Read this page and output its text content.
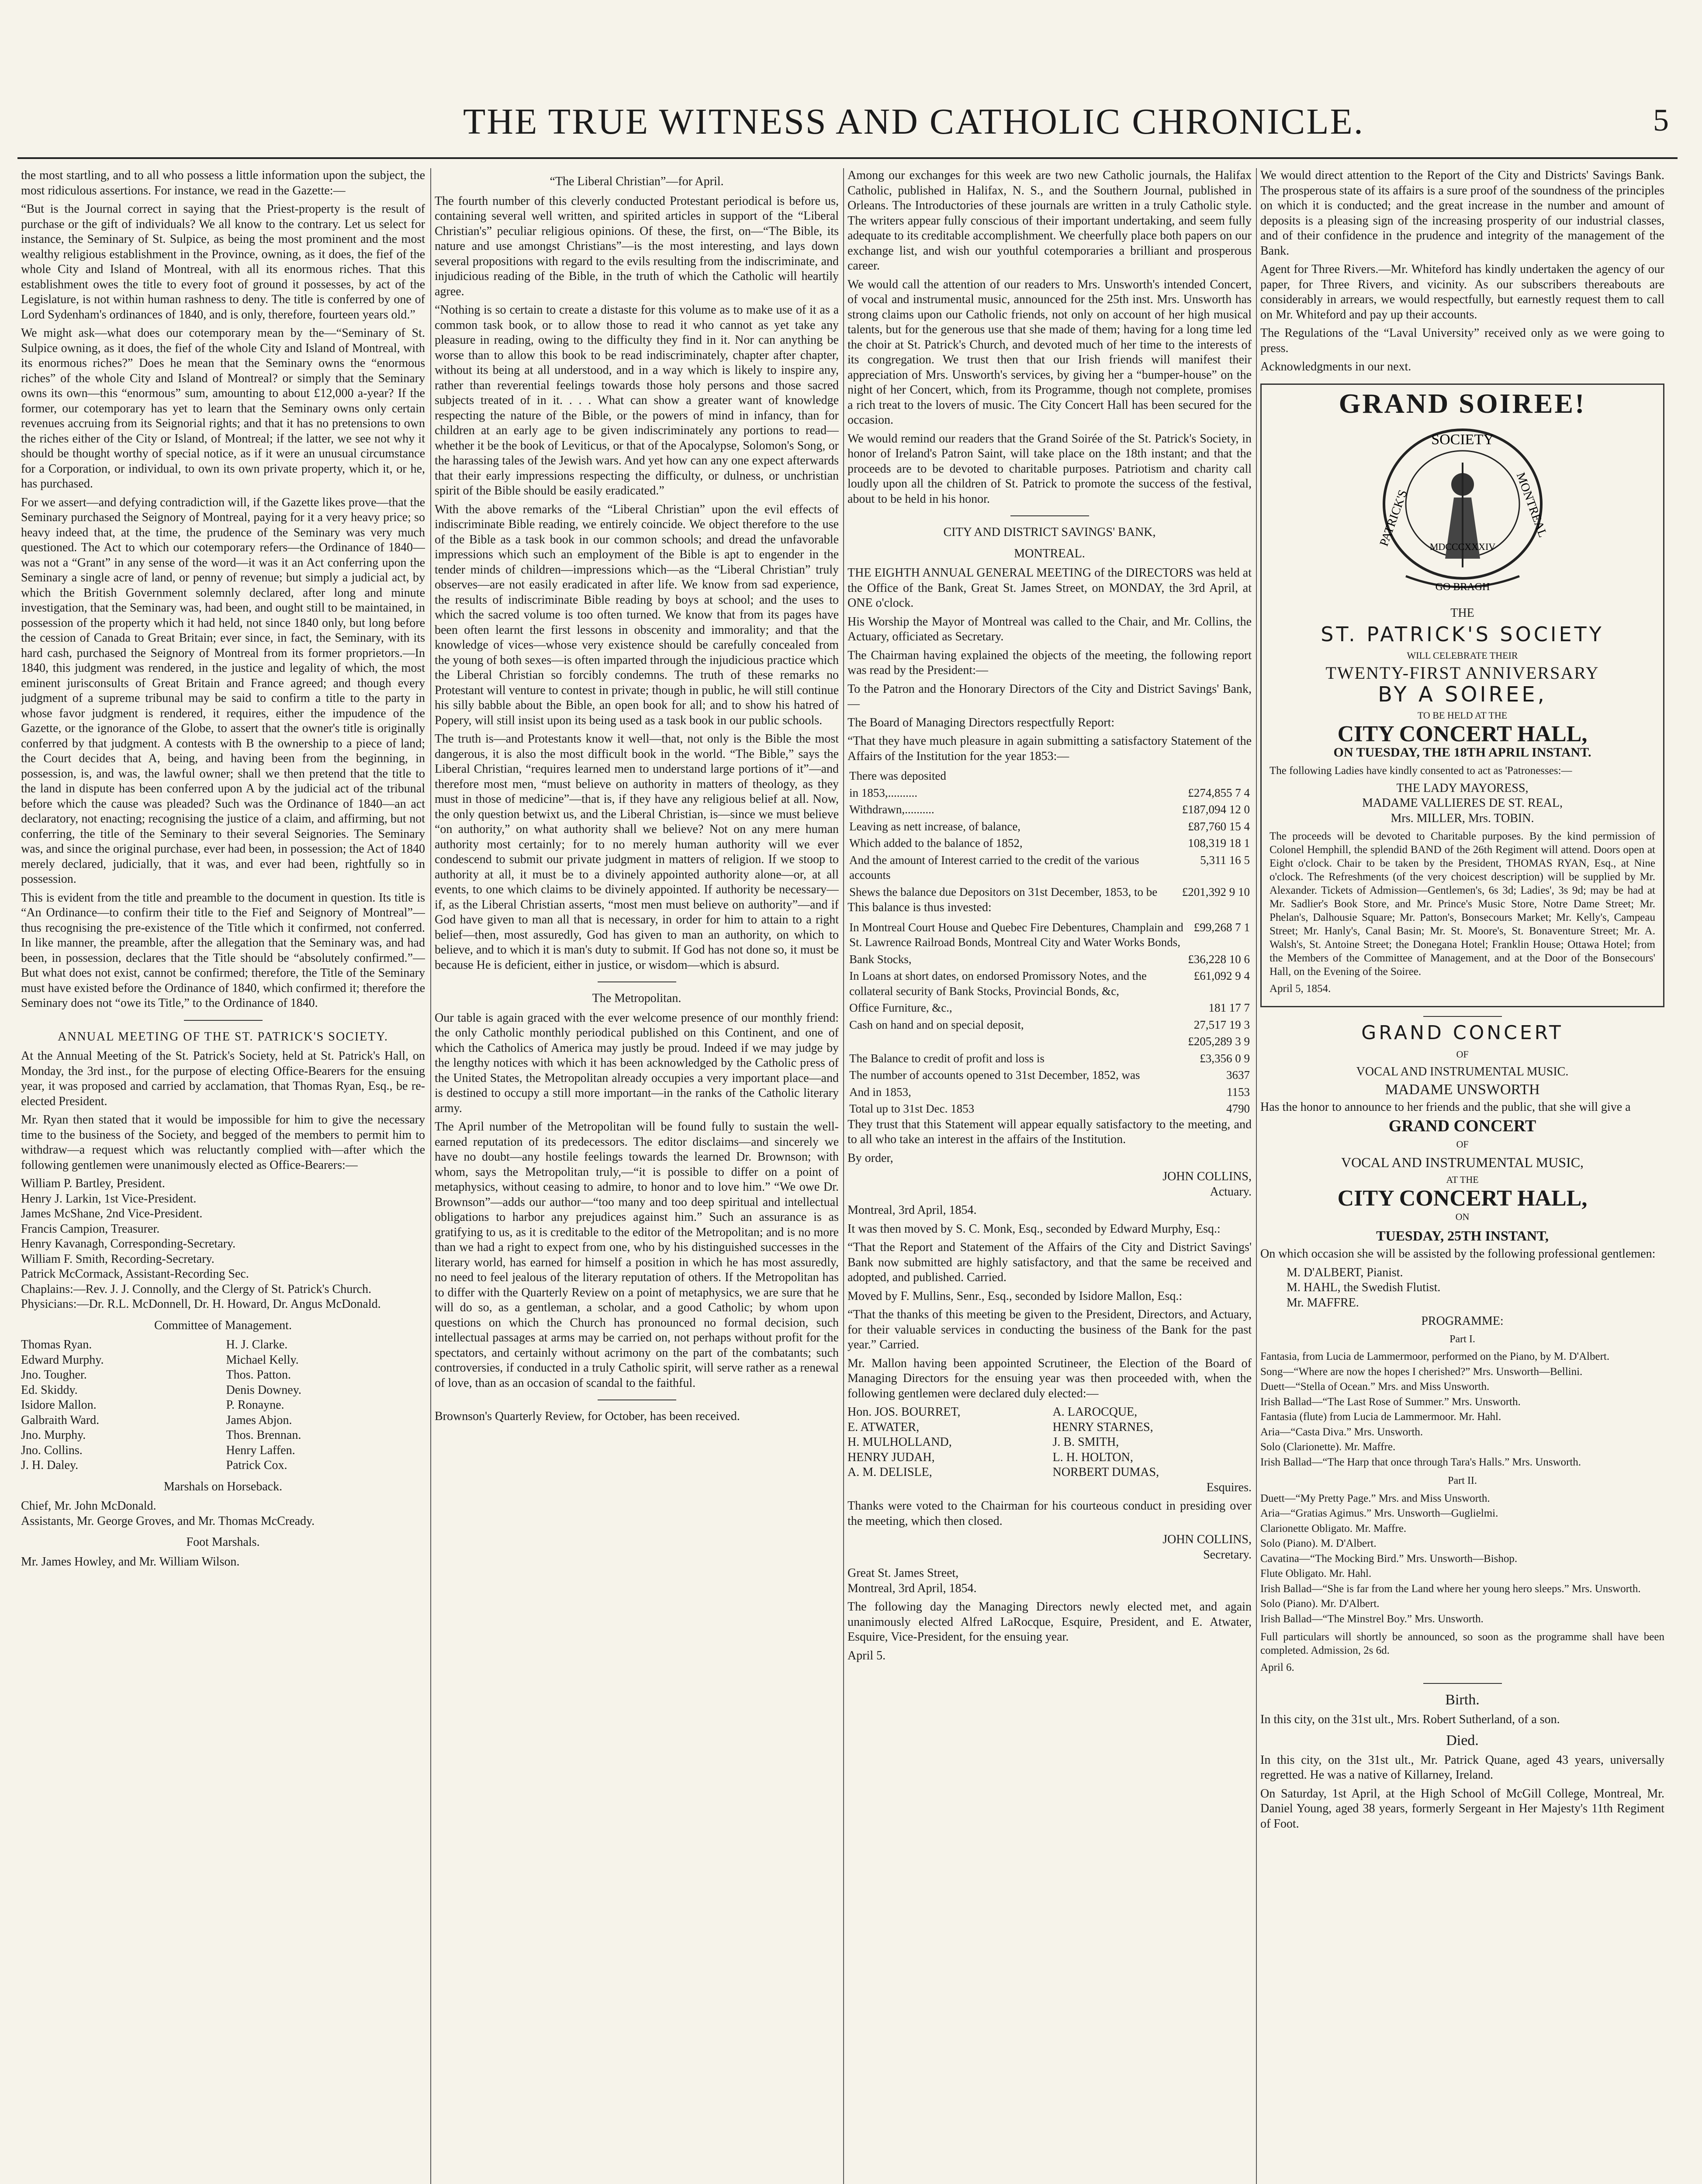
THE TRUE WITNESS AND CATHOLIC CHRONICLE.	5

the most startling, and to all who possess a little information upon the subject, the most ridiculous assertions. For instance, we read in the Gazette:—

“But is the Journal correct in saying that the Priest-property is the result of purchase or the gift of individuals? We all know to the contrary. Let us select for instance, the Seminary of St. Sulpice, as being the most prominent and the most wealthy religious establishment in the Province, owning, as it does, the fief of the whole City and Island of Montreal, with all its enormous riches. That this establishment owes the title to every foot of ground it possesses, by act of the Legislature, is not within human rashness to deny. The title is conferred by one of Lord Sydenham's ordinances of 1840, and is only, therefore, fourteen years old.”

We might ask—what does our cotemporary mean by the—“Seminary of St. Sulpice owning, as it does, the fief of the whole City and Island of Montreal, with its enormous riches?” Does he mean that the Seminary owns the “enormous riches” of the whole City and Island of Montreal? or simply that the Seminary owns its own—this “enormous” sum, amounting to about £12,000 a-year? If the former, our cotemporary has yet to learn that the Seminary owns only certain revenues accruing from its Seignorial rights; and that it has no pretensions to own the riches either of the City or Island, of Montreal; if the latter, we see not why it should be thought worthy of special notice, as if it were an unusual circumstance for a Corporation, or individual, to own its own private property, which it, or he, has purchased.

For we assert—and defying contradiction will, if the Gazette likes prove—that the Seminary purchased the Seignory of Montreal, paying for it a very heavy price; so heavy indeed that, at the time, the prudence of the Seminary was very much questioned. The Act to which our cotemporary refers—the Ordinance of 1840—was not a “Grant” in any sense of the word—it was it an Act conferring upon the Seminary a single acre of land, or penny of revenue; but simply a judicial act, by which the British Government solemnly declared, after long and minute investigation, that the Seminary was, had been, and ought still to be maintained, in possession of the property which it had held, not since 1840 only, but long before the cession of Canada to Great Britain; ever since, in fact, the Seminary, with its hard cash, purchased the Seignory of Montreal from its former proprietors.—In 1840, this judgment was rendered, in the justice and legality of which, the most eminent jurisconsults of Great Britain and France agreed; and though every judgment of a supreme tribunal may be said to confirm a title to the party in whose favor judgment is rendered, it requires, either the impudence of the Gazette, or the ignorance of the Globe, to assert that the owner's title is originally conferred by that judgment. A contests with B the ownership to a piece of land; the Court decides that A, being, and having been from the beginning, in possession, is, and was, the lawful owner; shall we then pretend that the title to the land in dispute has been conferred upon A by the judicial act of the tribunal before which the cause was pleaded? Such was the Ordinance of 1840—an act declaratory, not enacting; recognising the justice of a claim, and affirming, but not conferring, the title of the Seminary to their several Seignories. The Seminary was, and since the original purchase, ever had been, in possession; the Act of 1840 merely declared, judicially, that it was, and ever had been, rightfully so in possession.

This is evident from the title and preamble to the document in question. Its title is “An Ordinance—to confirm their title to the Fief and Seignory of Montreal”—thus recognising the pre-existence of the Title which it confirmed, not conferred. In like manner, the preamble, after the allegation that the Seminary was, and had been, in possession, declares that the Title should be “absolutely confirmed.”—But what does not exist, cannot be confirmed; therefore, the Title of the Seminary must have existed before the Ordinance of 1840, which confirmed it; therefore the Seminary does not “owe its Title,” to the Ordinance of 1840.

ANNUAL MEETING OF THE ST. PATRICK'S SOCIETY.

At the Annual Meeting of the St. Patrick's Society, held at St. Patrick's Hall, on Monday, the 3rd inst., for the purpose of electing Office-Bearers for the ensuing year, it was proposed and carried by acclamation, that Thomas Ryan, Esq., be re-elected President.

Mr. Ryan then stated that it would be impossible for him to give the necessary time to the business of the Society, and begged of the members to permit him to withdraw—a request which was reluctantly complied with—after which the following gentlemen were unanimously elected as Office-Bearers:—

William P. Bartley, President.
Henry J. Larkin, 1st Vice-President.
James McShane, 2nd Vice-President.
Francis Campion, Treasurer.
Henry Kavanagh, Corresponding-Secretary.
William F. Smith, Recording-Secretary.
Patrick McCormack, Assistant-Recording Sec.
Chaplains:—Rev. J. J. Connolly, and the Clergy of St. Patrick's Church.
Physicians:—Dr. R.L. McDonnell, Dr. H. Howard, Dr. Angus McDonald.
Committee of Management.
Thomas Ryan.	H. J. Clarke.
Edward Murphy.	Michael Kelly.
Jno. Tougher.	Thos. Patton.
Ed. Skiddy.	Denis Downey.
Isidore Mallon.	P. Ronayne.
Galbraith Ward.	James Abjon.
Jno. Murphy.	Thos. Brennan.
Jno. Collins.	Henry Laffen.
J. H. Daley.	Patrick Cox.
Marshals on Horseback.
Chief, Mr. John McDonald.
Assistants, Mr. George Groves, and Mr. Thomas McCready.
Foot Marshals.

Mr. James Howley, and Mr. William Wilson.

“The Liberal Christian”—for April.

The fourth number of this cleverly conducted Protestant periodical is before us, containing several well written, and spirited articles in support of the “Liberal Christian's” peculiar religious opinions. Of these, the first, on—“The Bible, its nature and use amongst Christians”—is the most interesting, and lays down several propositions with regard to the evils resulting from the indiscriminate, and injudicious reading of the Bible, in the truth of which the Catholic will heartily agree.

“Nothing is so certain to create a distaste for this volume as to make use of it as a common task book, or to allow those to read it who cannot as yet take any pleasure in reading, owing to the difficulty they find in it. Nor can anything be worse than to allow this book to be read indiscriminately, chapter after chapter, without its being at all understood, and in a way which is likely to inspire any, rather than reverential feelings towards those holy persons and those sacred subjects treated of in it. . . . What can show a greater want of knowledge respecting the nature of the Bible, or the powers of mind in infancy, than for children at an early age to be given indiscriminately any portions to read—whether it be the book of Leviticus, or that of the Apocalypse, Solomon's Song, or the harassing tales of the Jewish wars. And yet how can any one expect afterwards that their early impressions respecting the difficulty, or dulness, or unchristian spirit of the Bible should be easily eradicated.”

With the above remarks of the “Liberal Christian” upon the evil effects of indiscriminate Bible reading, we entirely coincide. We object therefore to the use of the Bible as a task book in our common schools; and dread the unfavorable impressions which such an employment of the Bible is apt to engender in the tender minds of children—impressions which—as the “Liberal Christian” truly observes—are not easily eradicated in after life. We know from sad experience, the results of indiscriminate Bible reading by boys at school; and the uses to which the sacred volume is too often turned. We know that from its pages have been often learnt the first lessons in obscenity and immorality; and that the knowledge of vices—whose very existence should be carefully concealed from the young of both sexes—is often imparted through the injudicious practice which the Liberal Christian so forcibly condemns. The truth of these remarks no Protestant will venture to contest in private; though in public, he will still continue his silly babble about the Bible, an open book for all; and to show his hatred of Popery, will still insist upon its being used as a task book in our public schools.

The truth is—and Protestants know it well—that, not only is the Bible the most dangerous, it is also the most difficult book in the world. “The Bible,” says the Liberal Christian, “requires learned men to understand large portions of it”—and therefore most men, “must believe on authority in matters of theology, as they must in those of medicine”—that is, if they have any religious belief at all. Now, the only question betwixt us, and the Liberal Christian, is—since we must believe “on authority,” on what authority shall we believe? Not on any mere human authority most certainly; for to no merely human authority will we ever condescend to submit our private judgment in matters of religion. If we stoop to authority at all, it must be to a divinely appointed authority alone—or, at all events, to one which claims to be divinely appointed. If authority be necessary—if, as the Liberal Christian asserts, “most men must believe on authority”—and if God have given to man all that is necessary, in order for him to attain to a right belief—then, most assuredly, God has given to man an authority, on which to believe, and to which it is man's duty to submit. If God has not done so, it must be because He is deficient, either in justice, or wisdom—which is absurd.

The Metropolitan.

Our table is again graced with the ever welcome presence of our monthly friend: the only Catholic monthly periodical published on this Continent, and one of which the Catholics of America may justly be proud. Indeed if we may judge by the lengthy notices with which it has been acknowledged by the Catholic press of the United States, the Metropolitan already occupies a very important place—and is destined to occupy a still more important—in the ranks of the Catholic literary army.

The April number of the Metropolitan will be found fully to sustain the well-earned reputation of its predecessors. The editor disclaims—and sincerely we have no doubt—any hostile feelings towards the learned Dr. Brownson; with whom, says the Metropolitan truly,—“it is possible to differ on a point of metaphysics, without ceasing to admire, to honor and to love him.” “We owe Dr. Brownson”—adds our author—“too many and too deep spiritual and intellectual obligations to harbor any prejudices against him.” Such an assurance is as gratifying to us, as it is creditable to the editor of the Metropolitan; and is no more than we had a right to expect from one, who by his distinguished successes in the literary world, has earned for himself a position in which he has most assuredly, no need to feel jealous of the literary reputation of others. If the Metropolitan has to differ with the Quarterly Review on a point of metaphysics, we are sure that he will do so, as a gentleman, a scholar, and a good Catholic; by whom upon questions on which the Church has pronounced no formal decision, such intellectual passages at arms may be carried on, not perhaps without profit for the spectators, and certainly without acrimony on the part of the combatants; such controversies, if conducted in a truly Catholic spirit, will serve rather as a renewal of love, than as an occasion of scandal to the faithful.

Brownson's Quarterly Review, for October, has been received.

Among our exchanges for this week are two new Catholic journals, the Halifax Catholic, published in Halifax, N. S., and the Southern Journal, published in Orleans. The Introductories of these journals are written in a truly Catholic style. The writers appear fully conscious of their important undertaking, and seem fully adequate to its creditable accomplishment. We cheerfully place both papers on our exchange list, and wish our youthful cotemporaries a brilliant and prosperous career.

We would call the attention of our readers to Mrs. Unsworth's intended Concert, of vocal and instrumental music, announced for the 25th inst. Mrs. Unsworth has strong claims upon our Catholic friends, not only on account of her high musical talents, but for the generous use that she made of them; having for a long time led the choir at St. Patrick's Church, and devoted much of her time to the interests of its congregation. We trust then that our Irish friends will manifest their appreciation of Mrs. Unsworth's services, by giving her a “bumper-house” on the night of her Concert, which, from its Programme, though not complete, promises a rich treat to the lovers of music. The City Concert Hall has been secured for the occasion.

We would remind our readers that the Grand Soirée of the St. Patrick's Society, in honor of Ireland's Patron Saint, will take place on the 18th instant; and that the proceeds are to be devoted to charitable purposes. Patriotism and charity call loudly upon all the children of St. Patrick to promote the success of the festival, about to be held in his honor.

CITY AND DISTRICT SAVINGS' BANK,
MONTREAL.

THE EIGHTH ANNUAL GENERAL MEETING of the DIRECTORS was held at the Office of the Bank, Great St. James Street, on MONDAY, the 3rd April, at ONE o'clock.

His Worship the Mayor of Montreal was called to the Chair, and Mr. Collins, the Actuary, officiated as Secretary.

The Chairman having explained the objects of the meeting, the following report was read by the President:—

To the Patron and the Honorary Directors of the City and District Savings' Bank,—

The Board of Managing Directors respectfully Report:

“That they have much pleasure in again submitting a satisfactory Statement of the Affairs of the Institution for the year 1853:—

There was deposited	
in 1853,..........	£274,855 7 4
Withdrawn,..........	£187,094 12 0
Leaving as nett increase, of balance,	£87,760 15 4
Which added to the balance of 1852,	108,319 18 1
And the amount of Interest carried to the credit of the various accounts	5,311 16 5
Shews the balance due Depositors on 31st December, 1853, to be	£201,392 9 10

This balance is thus invested:

In Montreal Court House and Quebec Fire Debentures, Champlain and St. Lawrence Railroad Bonds, Montreal City and Water Works Bonds,	£99,268 7 1
Bank Stocks,	£36,228 10 6
In Loans at short dates, on endorsed Promissory Notes, and the collateral security of Bank Stocks, Provincial Bonds, &c,	£61,092 9 4
Office Furniture, &c.,	181 17 7
Cash on hand and on special deposit,	27,517 19 3
	£205,289 3 9
The Balance to credit of profit and loss is	£3,356 0 9
The number of accounts opened to 31st December, 1852, was	3637
And in 1853,	1153
Total up to 31st Dec. 1853	4790

They trust that this Statement will appear equally satisfactory to the meeting, and to all who take an interest in the affairs of the Institution.

By order,

JOHN COLLINS,

Actuary.

Montreal, 3rd April, 1854.

It was then moved by S. C. Monk, Esq., seconded by Edward Murphy, Esq.:

“That the Report and Statement of the Affairs of the City and District Savings' Bank now submitted are highly satisfactory, and that the same be received and adopted, and published. Carried.

Moved by F. Mullins, Senr., Esq., seconded by Isidore Mallon, Esq.:

“That the thanks of this meeting be given to the President, Directors, and Actuary, for their valuable services in conducting the business of the Bank for the past year.” Carried.

Mr. Mallon having been appointed Scrutineer, the Election of the Board of Managing Directors for the ensuing year was then proceeded with, when the following gentlemen were declared duly elected:—

Hon. JOS. BOURRET,	A. LAROCQUE,
E. ATWATER,	HENRY STARNES,
H. MULHOLLAND,	J. B. SMITH,
HENRY JUDAH,	L. H. HOLTON,
A. M. DELISLE,	NORBERT DUMAS,

Esquires.

Thanks were voted to the Chairman for his courteous conduct in presiding over the meeting, which then closed.

JOHN COLLINS,

Secretary.

Great St. James Street,

Montreal, 3rd April, 1854.

The following day the Managing Directors newly elected met, and again unanimously elected Alfred LaRocque, Esquire, President, and E. Atwater, Esquire, Vice-President, for the ensuing year.

April 5.

We would direct attention to the Report of the City and Districts' Savings Bank. The prosperous state of its affairs is a sure proof of the soundness of the principles on which it is conducted; and the great increase in the number and amount of deposits is a pleasing sign of the increasing prosperity of our industrial classes, and of their confidence in the prudence and integrity of the management of the Bank.

Agent for Three Rivers.—Mr. Whiteford has kindly undertaken the agency of our paper, for Three Rivers, and vicinity. As our subscribers thereabouts are considerably in arrears, we would respectfully, but earnestly request them to call on Mr. Whiteford and pay up their accounts.

The Regulations of the “Laval University” received only as we were going to press.

Acknowledgments in our next.

GRAND SOIREE!
SOCIETY
PATRICK'S	MONTREAL
MDCCCXXXIV
GO BRAGH
THE
ST. PATRICK'S SOCIETY
WILL CELEBRATE THEIR
TWENTY-FIRST ANNIVERSARY
BY A SOIREE,
TO BE HELD AT THE
CITY CONCERT HALL,
ON TUESDAY, THE 18TH APRIL INSTANT.

The following Ladies have kindly consented to act as 'Patronesses:—

THE LADY MAYORESS,
MADAME VALLIERES DE ST. REAL,
Mrs. MILLER, Mrs. TOBIN.

The proceeds will be devoted to Charitable purposes. By the kind permission of Colonel Hemphill, the splendid BAND of the 26th Regiment will attend. Doors open at Eight o'clock. Chair to be taken by the President, THOMAS RYAN, Esq., at Nine o'clock. The Refreshments (of the very choicest description) will be supplied by Mr. Alexander. Tickets of Admission—Gentlemen's, 6s 3d; Ladies', 3s 9d; may be had at Mr. Sadlier's Book Store, and Mr. Prince's Music Store, Notre Dame Street; Mr. Phelan's, Dalhousie Square; Mr. Patton's, Bonsecours Market; Mr. Kelly's, Campeau Street; Mr. Hanly's, Canal Basin; Mr. St. Moore's, St. Bonaventure Street; Mr. A. Walsh's, St. Antoine Street; the Donegana Hotel; Franklin House; Ottawa Hotel; from the Members of the Committee of Management, and at the Door of the Bonsecours' Hall, on the Evening of the Soiree.

April 5, 1854.

GRAND CONCERT
OF
VOCAL AND INSTRUMENTAL MUSIC.
MADAME UNSWORTH

Has the honor to announce to her friends and the public, that she will give a

GRAND CONCERT
OF
VOCAL AND INSTRUMENTAL MUSIC,
AT THE
CITY CONCERT HALL,
ON
TUESDAY, 25TH INSTANT,

On which occasion she will be assisted by the following professional gentlemen:

M. D'ALBERT, Pianist.
M. HAHL, the Swedish Flutist.
Mr. MAFFRE.
PROGRAMME:
Part I.
Fantasia, from Lucia de Lammermoor, performed on the Piano, by M. D'Albert.
Song—“Where are now the hopes I cherished?” Mrs. Unsworth—Bellini.
Duett—“Stella of Ocean.” Mrs. and Miss Unsworth.
Irish Ballad—“The Last Rose of Summer.” Mrs. Unsworth.
Fantasia (flute) from Lucia de Lammermoor. Mr. Hahl.
Aria—“Casta Diva.” Mrs. Unsworth.
Solo (Clarionette). Mr. Maffre.
Irish Ballad—“The Harp that once through Tara's Halls.” Mrs. Unsworth.
Part II.
Duett—“My Pretty Page.” Mrs. and Miss Unsworth.
Aria—“Gratias Agimus.” Mrs. Unsworth—Guglielmi.
Clarionette Obligato. Mr. Maffre.
Solo (Piano). M. D'Albert.
Cavatina—“The Mocking Bird.” Mrs. Unsworth—Bishop.
Flute Obligato. Mr. Hahl.
Irish Ballad—“She is far from the Land where her young hero sleeps.” Mrs. Unsworth.
Solo (Piano). Mr. D'Albert.
Irish Ballad—“The Minstrel Boy.” Mrs. Unsworth.

Full particulars will shortly be announced, so soon as the programme shall have been completed. Admission, 2s 6d.

April 6.

Birth.

In this city, on the 31st ult., Mrs. Robert Sutherland, of a son.

Died.

In this city, on the 31st ult., Mr. Patrick Quane, aged 43 years, universally regretted. He was a native of Killarney, Ireland.

On Saturday, 1st April, at the High School of McGill College, Montreal, Mr. Daniel Young, aged 38 years, formerly Sergeant in Her Majesty's 11th Regiment of Foot.
